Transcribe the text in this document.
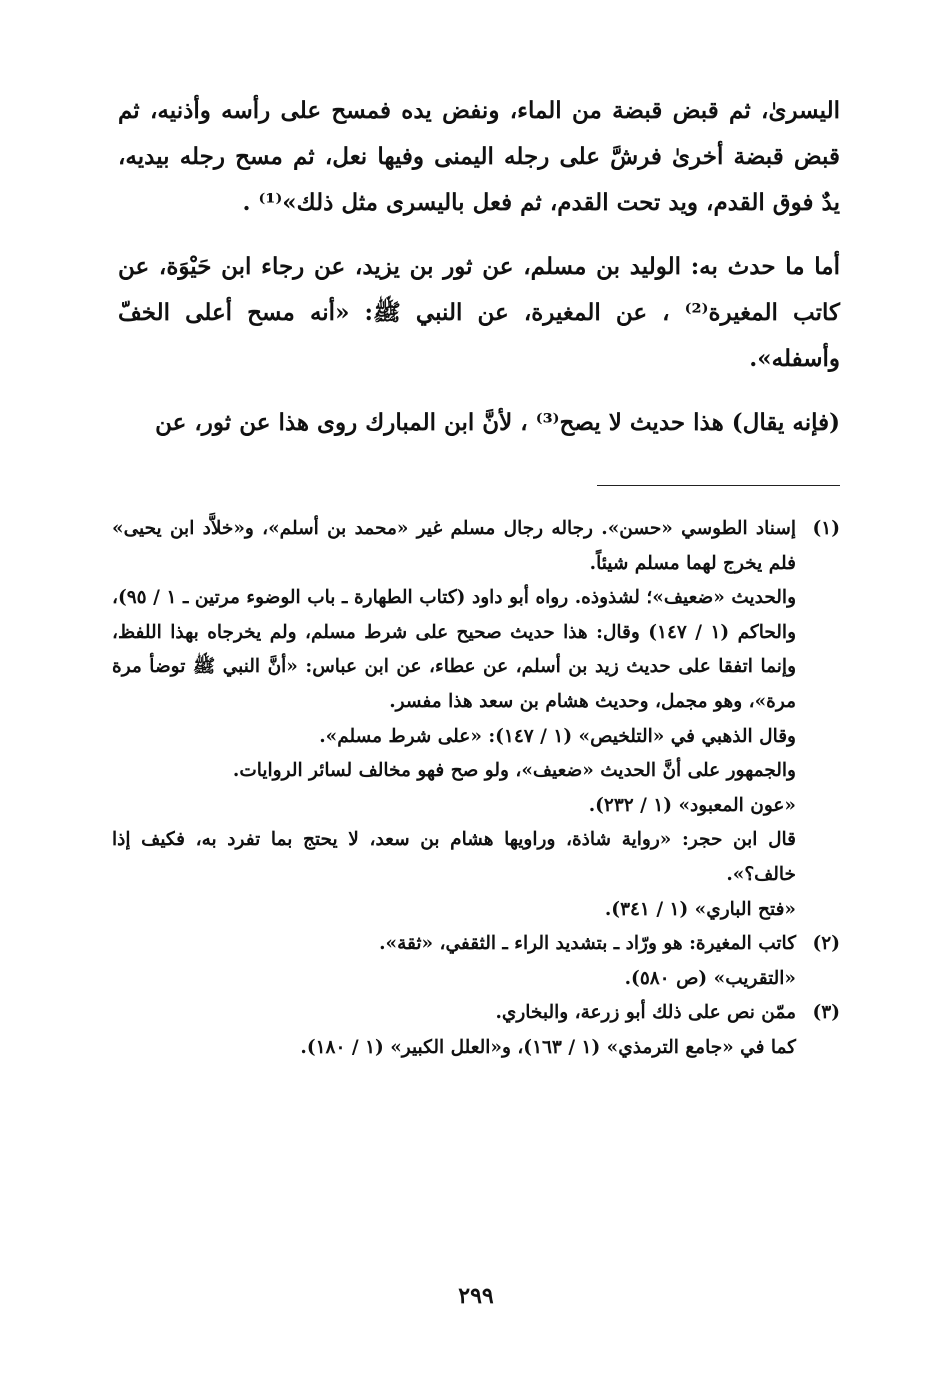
اليسرىٰ، ثم قبض قبضة من الماء، ونفض يده فمسح على رأسه وأذنيه، ثم قبض قبضة أخرىٰ فرشَّ على رجله اليمنى وفيها نعل، ثم مسح رجله بيديه، يدٌ فوق القدم، ويد تحت القدم، ثم فعل باليسرى مثل ذلك»⁽¹⁾ .

أما ما حدث به: الوليد بن مسلم، عن ثور بن يزيد، عن رجاء ابن حَيْوَة، عن كاتب المغيرة⁽²⁾ ، عن المغيرة، عن النبي ﷺ: «أنه مسح أعلى الخفّ وأسفله».

(فإنه يقال) هذا حديث لا يصح⁽³⁾ ، لأنَّ ابن المبارك روى هذا عن ثور، عن

(١)

إسناد الطوسي «حسن». رجاله رجال مسلم غير «محمد بن أسلم»، و«خلاَّد ابن يحيى» فلم يخرج لهما مسلم شيئاً.

والحديث «ضعيف»؛ لشذوذه. رواه أبو داود (كتاب الطهارة ـ باب الوضوء مرتين ـ ١ / ٩٥)، والحاكم (١ / ١٤٧) وقال: هذا حديث صحيح على شرط مسلم، ولم يخرجاه بهذا اللفظ، وإنما اتفقا على حديث زيد بن أسلم، عن عطاء، عن ابن عباس: «أنَّ النبي ﷺ توضأ مرة مرة»، وهو مجمل، وحديث هشام بن سعد هذا مفسر.

وقال الذهبي في «التلخيص» (١ / ١٤٧): «على شرط مسلم».

والجمهور على أنَّ الحديث «ضعيف»، ولو صح فهو مخالف لسائر الروايات.

«عون المعبود» (١ / ٢٣٢).

قال ابن حجر: «رواية شاذة، وراويها هشام بن سعد، لا يحتج بما تفرد به، فكيف إذا خالف؟».

«فتح الباري» (١ / ٣٤١).

(٢)

كاتب المغيرة: هو ورّاد ـ بتشديد الراء ـ الثقفي، «ثقة».

«التقريب» (ص ٥٨٠).

(٣)

ممّن نص على ذلك أبو زرعة، والبخاري.

كما في «جامع الترمذي» (١ / ١٦٣)، و«العلل الكبير» (١ / ١٨٠).

٢٩٩
